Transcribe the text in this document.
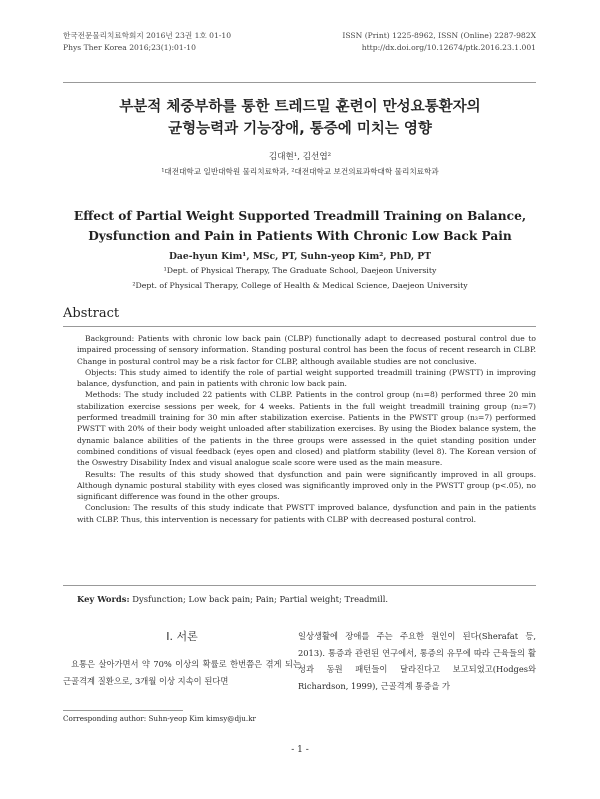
한국전문물리치료학회지 2016년 23권 1호 01-10
Phys Ther Korea 2016;23(1):01-10
ISSN (Print) 1225-8962, ISSN (Online) 2287-982X
http://dx.doi.org/10.12674/ptk.2016.23.1.001
부분적 체중부하를 통한 트레드밀 훈련이 만성요통환자의
균형능력과 기능장애, 통증에 미치는 영향
김대현¹, 김선엽²
¹대전대학교 일반대학원 물리치료학과, ²대전대학교 보건의료과학대학 물리치료학과
Effect of Partial Weight Supported Treadmill Training on Balance,
Dysfunction and Pain in Patients With Chronic Low Back Pain
Dae-hyun Kim¹, MSc, PT, Suhn-yeop Kim², PhD, PT
¹Dept. of Physical Therapy, The Graduate School, Daejeon University
²Dept. of Physical Therapy, College of Health & Medical Science, Daejeon University
Abstract

Background: Patients with chronic low back pain (CLBP) functionally adapt to decreased postural control due to impaired processing of sensory information. Standing postural control has been the focus of recent research in CLBP. Change in postural control may be a risk factor for CLBP, although available studies are not conclusive.

Objects: This study aimed to identify the role of partial weight supported treadmill training (PWSTT) in improving balance, dysfunction, and pain in patients with chronic low back pain.

Methods: The study included 22 patients with CLBP. Patients in the control group (n₁=8) performed three 20 min stabilization exercise sessions per week, for 4 weeks. Patients in the full weight treadmill training group (n₂=7) performed treadmill training for 30 min after stabilization exercise. Patients in the PWSTT group (n₃=7) performed PWSTT with 20% of their body weight unloaded after stabilization exercises. By using the Biodex balance system, the dynamic balance abilities of the patients in the three groups were assessed in the quiet standing position under combined conditions of visual feedback (eyes open and closed) and platform stability (level 8). The Korean version of the Oswestry Disability Index and visual analogue scale score were used as the main measure.

Results: The results of this study showed that dysfunction and pain were significantly improved in all groups. Although dynamic postural stability with eyes closed was significantly improved only in the PWSTT group (p<.05), no significant difference was found in the other groups.

Conclusion: The results of this study indicate that PWSTT improved balance, dysfunction and pain in the patients with CLBP. Thus, this intervention is necessary for patients with CLBP with decreased postural control.

Key Words: Dysfunction; Low back pain; Pain; Partial weight; Treadmill.
Ⅰ. 서론

요통은 살아가면서 약 70% 이상의 확률로 한번쯤은 겪게 되는 근골격계 질환으로, 3개월 이상 지속이 된다면

일상생활에 장애를 주는 주요한 원인이 된다(Sherafat 등, 2013). 통증과 관련된 연구에서, 통증의 유무에 따라 근육들의 활성과 동원 패턴들이 달라진다고 보고되었고(Hodges와 Richardson, 1999), 근골격계 통증을 가

Corresponding author: Suhn-yeop Kim kimsy@dju.kr
- 1 -
